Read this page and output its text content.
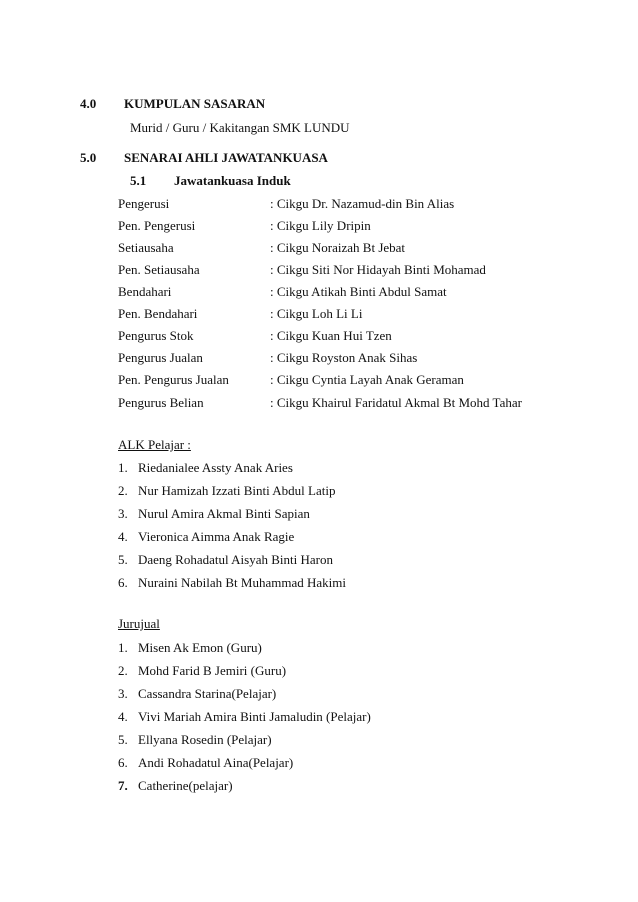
4.0 KUMPULAN SASARAN
Murid / Guru / Kakitangan SMK LUNDU
5.0 SENARAI AHLI JAWATANKUASA
5.1 Jawatankuasa Induk
Pengerusi	: Cikgu Dr. Nazamud-din Bin Alias
Pen. Pengerusi	: Cikgu Lily Dripin
Setiausaha	: Cikgu Noraizah Bt Jebat
Pen. Setiausaha	: Cikgu Siti Nor Hidayah Binti Mohamad
Bendahari	: Cikgu Atikah Binti Abdul Samat
Pen. Bendahari	: Cikgu Loh Li Li
Pengurus Stok	: Cikgu Kuan Hui Tzen
Pengurus Jualan	: Cikgu Royston Anak Sihas
Pen. Pengurus Jualan	: Cikgu Cyntia Layah Anak Geraman
Pengurus Belian	: Cikgu Khairul Faridatul Akmal Bt Mohd Tahar
ALK Pelajar :
1. Riedanialee Assty Anak Aries
2. Nur Hamizah Izzati Binti Abdul Latip
3. Nurul Amira Akmal Binti Sapian
4. Vieronica Aimma Anak Ragie
5. Daeng Rohadatul Aisyah Binti Haron
6. Nuraini Nabilah Bt Muhammad Hakimi
Jurujual
1. Misen Ak Emon (Guru)
2. Mohd Farid B Jemiri (Guru)
3. Cassandra Starina(Pelajar)
4. Vivi Mariah Amira Binti Jamaludin (Pelajar)
5. Ellyana Rosedin (Pelajar)
6. Andi Rohadatul Aina(Pelajar)
7. Catherine(pelajar)
